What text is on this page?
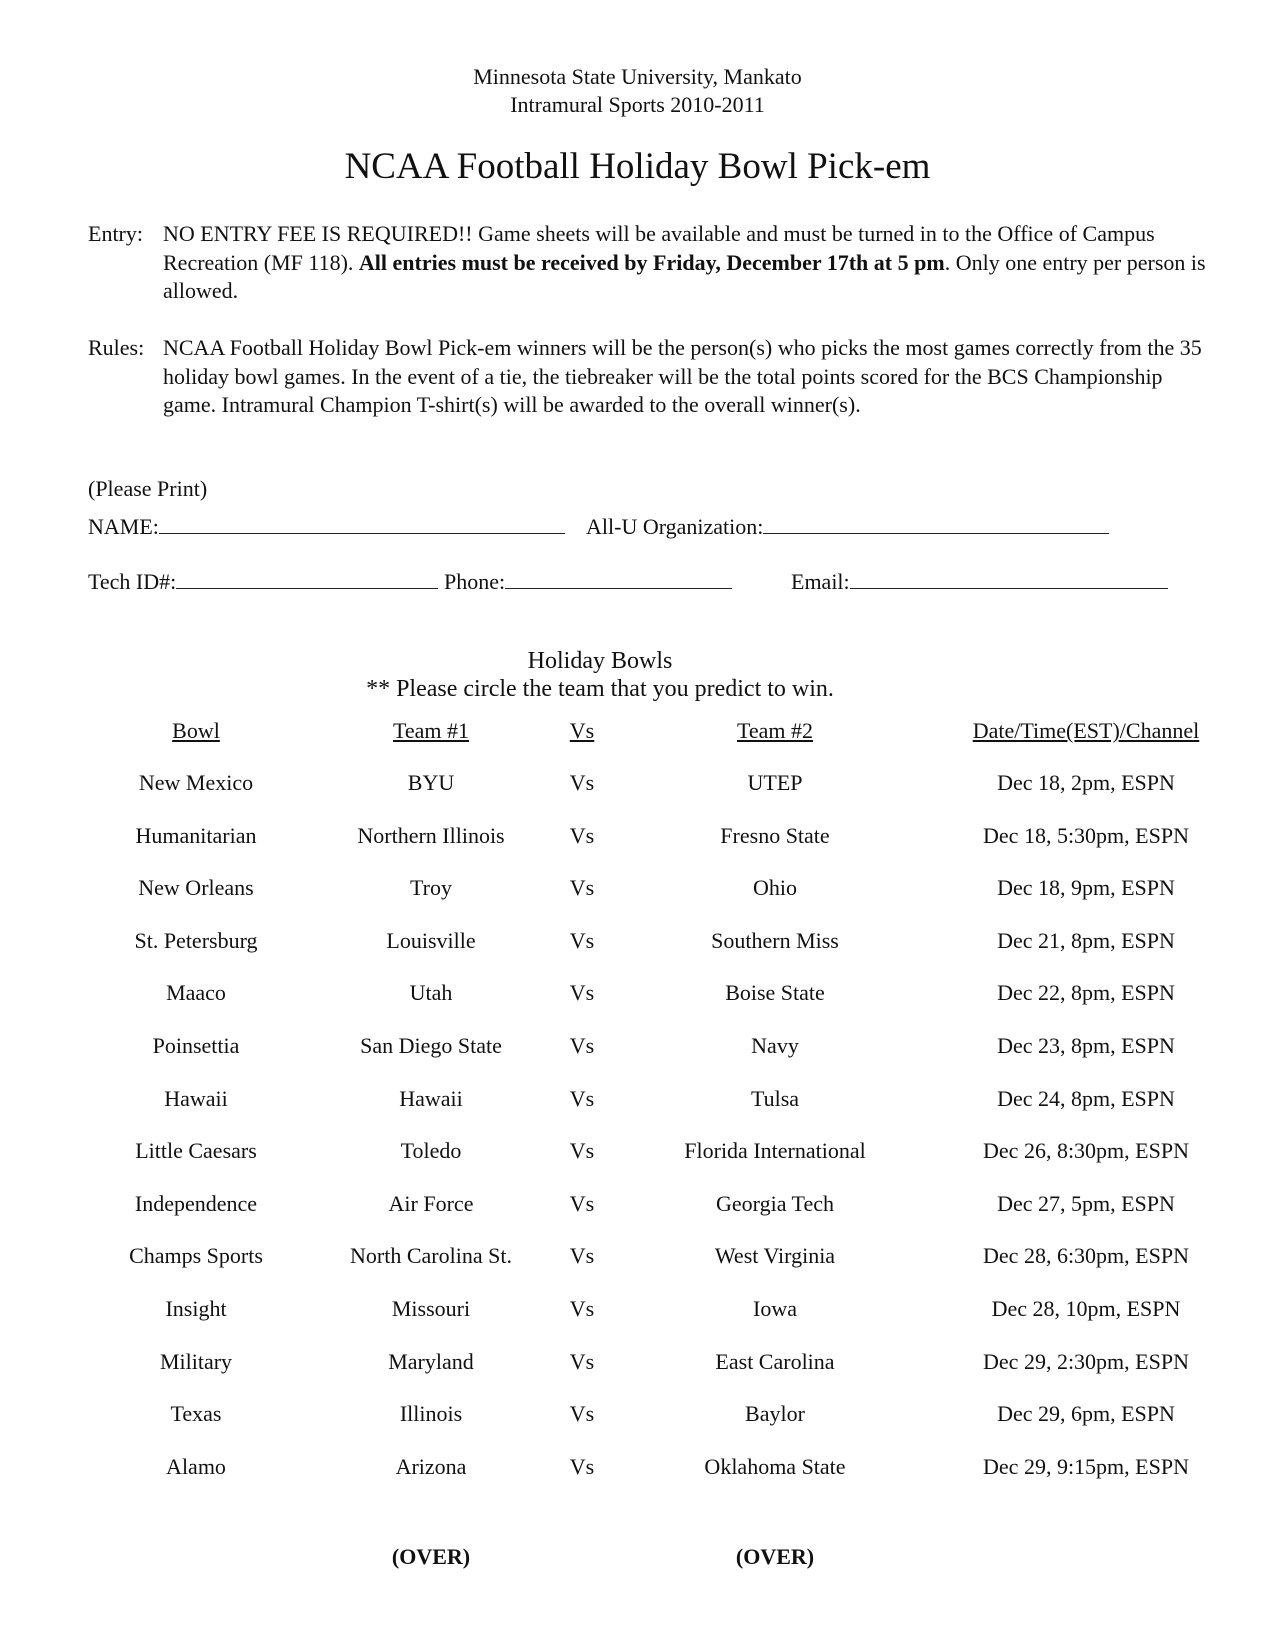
Minnesota State University, Mankato
Intramural Sports 2010-2011
NCAA Football Holiday Bowl Pick-em
Entry: NO ENTRY FEE IS REQUIRED!! Game sheets will be available and must be turned in to the Office of Campus Recreation (MF 118). All entries must be received by Friday, December 17th at 5 pm. Only one entry per person is allowed.
Rules: NCAA Football Holiday Bowl Pick-em winners will be the person(s) who picks the most games correctly from the 35 holiday bowl games. In the event of a tie, the tiebreaker will be the total points scored for the BCS Championship game. Intramural Champion T-shirt(s) will be awarded to the overall winner(s).
(Please Print)
NAME:	All-U Organization:
Tech ID#:	Phone:	Email:
Holiday Bowls
** Please circle the team that you predict to win.
Bowl	Team #1	Vs	Team #2	Date/Time(EST)/Channel
New Mexico	BYU	Vs	UTEP	Dec 18, 2pm, ESPN
Humanitarian	Northern Illinois	Vs	Fresno State	Dec 18, 5:30pm, ESPN
New Orleans	Troy	Vs	Ohio	Dec 18, 9pm, ESPN
St. Petersburg	Louisville	Vs	Southern Miss	Dec 21, 8pm, ESPN
Maaco	Utah	Vs	Boise State	Dec 22, 8pm, ESPN
Poinsettia	San Diego State	Vs	Navy	Dec 23, 8pm, ESPN
Hawaii	Hawaii	Vs	Tulsa	Dec 24, 8pm, ESPN
Little Caesars	Toledo	Vs	Florida International	Dec 26, 8:30pm, ESPN
Independence	Air Force	Vs	Georgia Tech	Dec 27, 5pm, ESPN
Champs Sports	North Carolina St.	Vs	West Virginia	Dec 28, 6:30pm, ESPN
Insight	Missouri	Vs	Iowa	Dec 28, 10pm, ESPN
Military	Maryland	Vs	East Carolina	Dec 29, 2:30pm, ESPN
Texas	Illinois	Vs	Baylor	Dec 29, 6pm, ESPN
Alamo	Arizona	Vs	Oklahoma State	Dec 29, 9:15pm, ESPN
(OVER)	(OVER)
